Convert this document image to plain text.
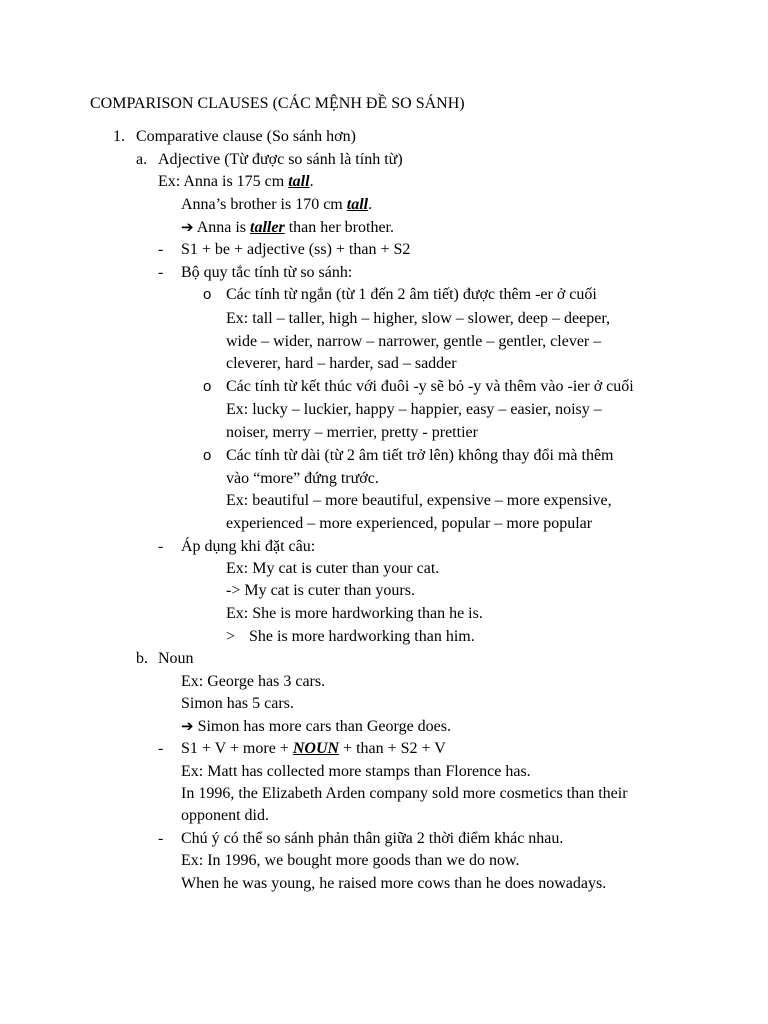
COMPARISON CLAUSES (CÁC MỆNH ĐỀ SO SÁNH)
1. Comparative clause (So sánh hơn)
a. Adjective (Từ được so sánh là tính từ)
Ex: Anna is 175 cm tall.
Anna’s brother is 170 cm tall.
➔ Anna is taller than her brother.
- S1 + be + adjective (ss) + than + S2
- Bộ quy tắc tính từ so sánh:
o Các tính từ ngắn (từ 1 đến 2 âm tiết) được thêm -er ở cuối
Ex: tall – taller, high – higher, slow – slower, deep – deeper,
wide – wider, narrow – narrower, gentle – gentler, clever –
cleverer, hard – harder, sad – sadder
o Các tính từ kết thúc với đuôi -y sẽ bỏ -y và thêm vào -ier ở cuối
Ex: lucky – luckier, happy – happier, easy – easier, noisy –
noiser, merry – merrier, pretty - prettier
o Các tính từ dài (từ 2 âm tiết trở lên) không thay đổi mà thêm
vào “more” đứng trước.
Ex: beautiful – more beautiful, expensive – more expensive,
experienced – more experienced, popular – more popular
- Áp dụng khi đặt câu:
Ex: My cat is cuter than your cat.
-> My cat is cuter than yours.
Ex: She is more hardworking than he is.
> She is more hardworking than him.
b. Noun
Ex: George has 3 cars.
Simon has 5 cars.
➔ Simon has more cars than George does.
- S1 + V + more + NOUN + than + S2 + V
Ex: Matt has collected more stamps than Florence has.
In 1996, the Elizabeth Arden company sold more cosmetics than their
opponent did.
- Chú ý có thể so sánh phản thân giữa 2 thời điểm khác nhau.
Ex: In 1996, we bought more goods than we do now.
When he was young, he raised more cows than he does nowadays.
